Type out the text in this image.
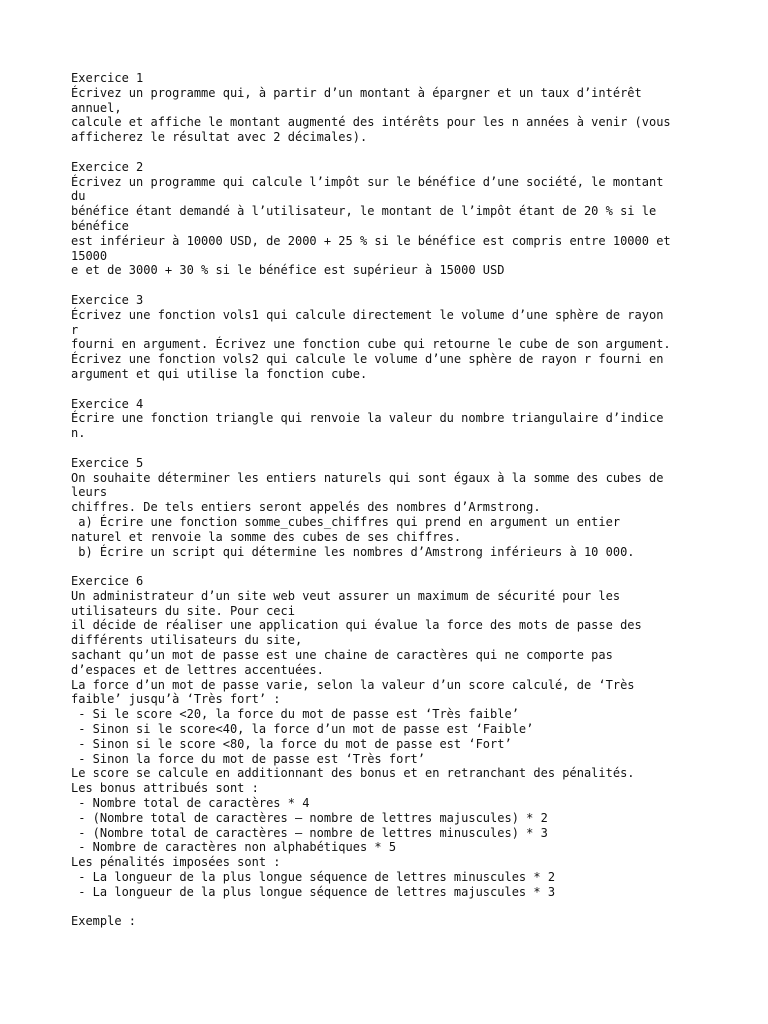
Exercice 1
Écrivez un programme qui, à partir d’un montant à épargner et un taux d’intérêt
annuel,
calcule et affiche le montant augmenté des intérêts pour les n années à venir (vous
afficherez le résultat avec 2 décimales).
Exercice 2
Écrivez un programme qui calcule l’impôt sur le bénéfice d’une société, le montant
du
bénéfice étant demandé à l’utilisateur, le montant de l’impôt étant de 20 % si le
bénéfice
est inférieur à 10000 USD, de 2000 + 25 % si le bénéfice est compris entre 10000 et
15000
e et de 3000 + 30 % si le bénéfice est supérieur à 15000 USD
Exercice 3
Écrivez une fonction vols1 qui calcule directement le volume d’une sphère de rayon
r
fourni en argument. Écrivez une fonction cube qui retourne le cube de son argument.
Écrivez une fonction vols2 qui calcule le volume d’une sphère de rayon r fourni en
argument et qui utilise la fonction cube.
Exercice 4
Écrire une fonction triangle qui renvoie la valeur du nombre triangulaire d’indice
n.
Exercice 5
On souhaite déterminer les entiers naturels qui sont égaux à la somme des cubes de
leurs
chiffres. De tels entiers seront appelés des nombres d’Armstrong.
a) Écrire une fonction somme_cubes_chiffres qui prend en argument un entier
naturel et renvoie la somme des cubes de ses chiffres.
b) Écrire un script qui détermine les nombres d’Amstrong inférieurs à 10 000.
Exercice 6
Un administrateur d’un site web veut assurer un maximum de sécurité pour les
utilisateurs du site. Pour ceci
il décide de réaliser une application qui évalue la force des mots de passe des
différents utilisateurs du site,
sachant qu’un mot de passe est une chaine de caractères qui ne comporte pas
d’espaces et de lettres accentuées.
La force d’un mot de passe varie, selon la valeur d’un score calculé, de ‘Très
faible’ jusqu’à ‘Très fort’ :
- Si le score <20, la force du mot de passe est ‘Très faible’
- Sinon si le score<40, la force d’un mot de passe est ‘Faible’
- Sinon si le score <80, la force du mot de passe est ‘Fort’
- Sinon la force du mot de passe est ‘Très fort’
Le score se calcule en additionnant des bonus et en retranchant des pénalités.
Les bonus attribués sont :
- Nombre total de caractères * 4
- (Nombre total de caractères – nombre de lettres majuscules) * 2
- (Nombre total de caractères – nombre de lettres minuscules) * 3
- Nombre de caractères non alphabétiques * 5
Les pénalités imposées sont :
- La longueur de la plus longue séquence de lettres minuscules * 2
- La longueur de la plus longue séquence de lettres majuscules * 3
Exemple :
